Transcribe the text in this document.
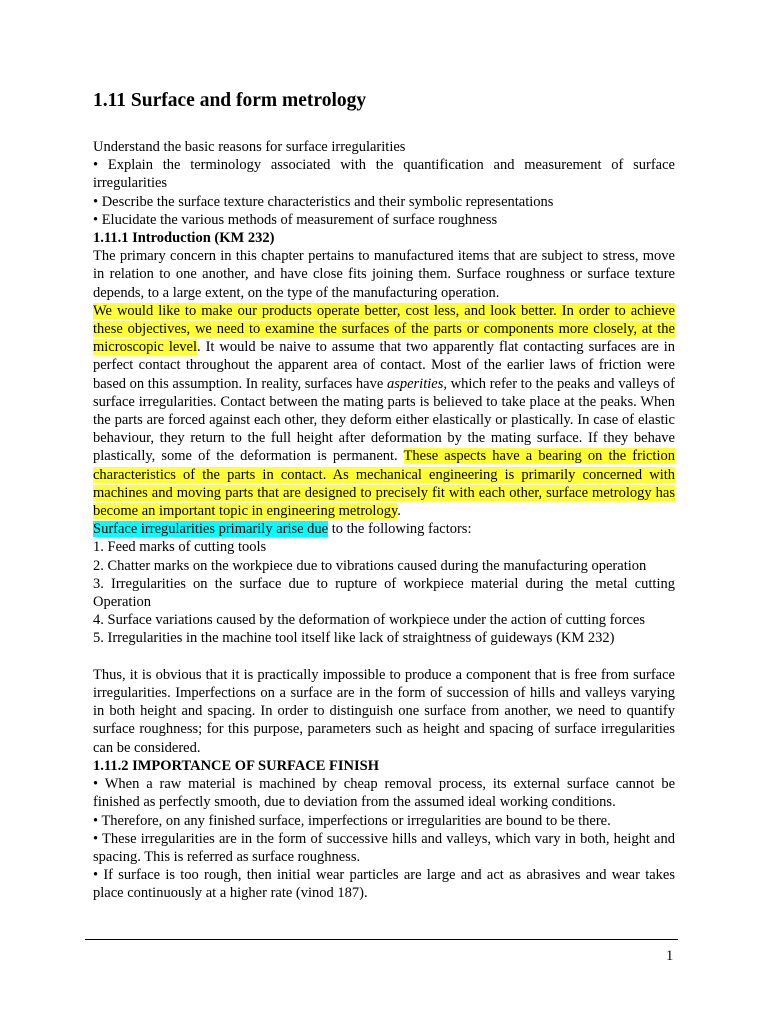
1.11 Surface and form metrology
Understand the basic reasons for surface irregularities
• Explain the terminology associated with the quantification and measurement of surface irregularities
• Describe the surface texture characteristics and their symbolic representations
• Elucidate the various methods of measurement of surface roughness
1.11.1 Introduction (KM 232)

The primary concern in this chapter pertains to manufactured items that are subject to stress, move in relation to one another, and have close fits joining them. Surface roughness or surface texture depends, to a large extent, on the type of the manufacturing operation.

We would like to make our products operate better, cost less, and look better. In order to achieve these objectives, we need to examine the surfaces of the parts or components more closely, at the microscopic level. It would be naive to assume that two apparently flat contacting surfaces are in perfect contact throughout the apparent area of contact. Most of the earlier laws of friction were based on this assumption. In reality, surfaces have asperities, which refer to the peaks and valleys of surface irregularities. Contact between the mating parts is believed to take place at the peaks. When the parts are forced against each other, they deform either elastically or plastically. In case of elastic behaviour, they return to the full height after deformation by the mating surface. If they behave plastically, some of the deformation is permanent. These aspects have a bearing on the friction characteristics of the parts in contact. As mechanical engineering is primarily concerned with machines and moving parts that are designed to precisely fit with each other, surface metrology has become an important topic in engineering metrology.

Surface irregularities primarily arise due to the following factors:

1. Feed marks of cutting tools
2. Chatter marks on the workpiece due to vibrations caused during the manufacturing operation
3. Irregularities on the surface due to rupture of workpiece material during the metal cutting Operation
4. Surface variations caused by the deformation of workpiece under the action of cutting forces
5. Irregularities in the machine tool itself like lack of straightness of guideways (KM 232)

Thus, it is obvious that it is practically impossible to produce a component that is free from surface irregularities. Imperfections on a surface are in the form of succession of hills and valleys varying in both height and spacing. In order to distinguish one surface from another, we need to quantify surface roughness; for this purpose, parameters such as height and spacing of surface irregularities can be considered.

1.11.2 IMPORTANCE OF SURFACE FINISH
• When a raw material is machined by cheap removal process, its external surface cannot be finished as perfectly smooth, due to deviation from the assumed ideal working conditions.
• Therefore, on any finished surface, imperfections or irregularities are bound to be there.
• These irregularities are in the form of successive hills and valleys, which vary in both, height and spacing. This is referred as surface roughness.
• If surface is too rough, then initial wear particles are large and act as abrasives and wear takes place continuously at a higher rate (vinod 187).
1
